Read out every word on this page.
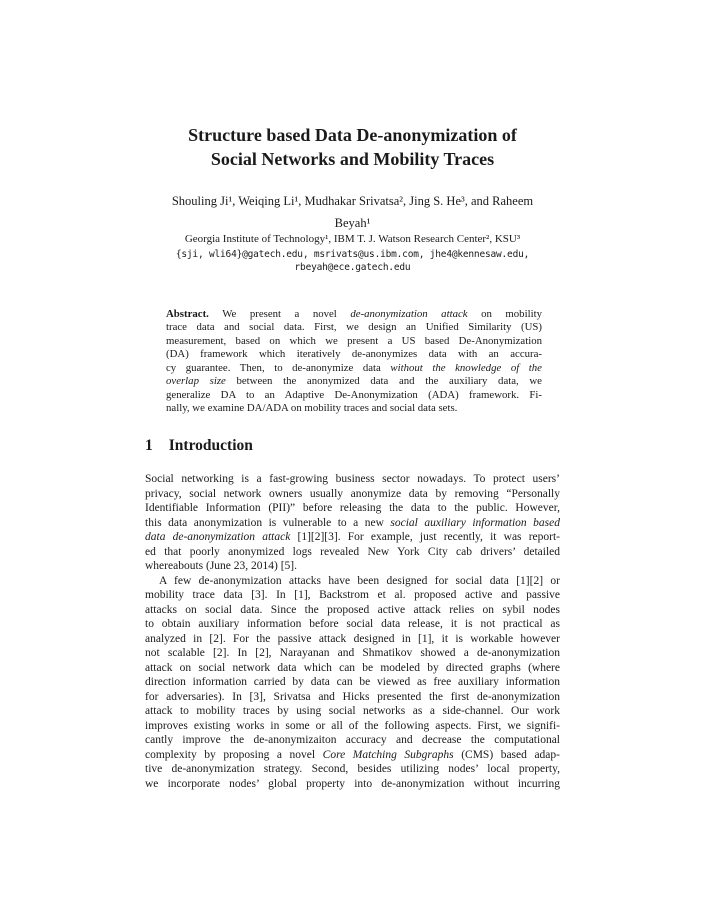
Structure based Data De-anonymization of
Social Networks and Mobility Traces
Shouling Ji¹, Weiqing Li¹, Mudhakar Srivatsa², Jing S. He³, and Raheem
Beyah¹
Georgia Institute of Technology¹, IBM T. J. Watson Research Center², KSU³
{sji, wli64}@gatech.edu, msrivats@us.ibm.com, jhe4@kennesaw.edu,
rbeyah@ece.gatech.edu
Abstract. We present a novel de-anonymization attack on mobility
trace data and social data. First, we design an Unified Similarity (US)
measurement, based on which we present a US based De-Anonymization
(DA) framework which iteratively de-anonymizes data with an accura-
cy guarantee. Then, to de-anonymize data without the knowledge of the
overlap size between the anonymized data and the auxiliary data, we
generalize DA to an Adaptive De-Anonymization (ADA) framework. Fi-
nally, we examine DA/ADA on mobility traces and social data sets.
1 Introduction
Social networking is a fast-growing business sector nowadays. To protect users’
privacy, social network owners usually anonymize data by removing “Personally
Identifiable Information (PII)” before releasing the data to the public. However,
this data anonymization is vulnerable to a new social auxiliary information based
data de-anonymization attack [1][2][3]. For example, just recently, it was report-
ed that poorly anonymized logs revealed New York City cab drivers’ detailed
whereabouts (June 23, 2014) [5].
A few de-anonymization attacks have been designed for social data [1][2] or
mobility trace data [3]. In [1], Backstrom et al. proposed active and passive
attacks on social data. Since the proposed active attack relies on sybil nodes
to obtain auxiliary information before social data release, it is not practical as
analyzed in [2]. For the passive attack designed in [1], it is workable however
not scalable [2]. In [2], Narayanan and Shmatikov showed a de-anonymization
attack on social network data which can be modeled by directed graphs (where
direction information carried by data can be viewed as free auxiliary information
for adversaries). In [3], Srivatsa and Hicks presented the first de-anonymization
attack to mobility traces by using social networks as a side-channel. Our work
improves existing works in some or all of the following aspects. First, we signifi-
cantly improve the de-anonymizaiton accuracy and decrease the computational
complexity by proposing a novel Core Matching Subgraphs (CMS) based adap-
tive de-anonymization strategy. Second, besides utilizing nodes’ local property,
we incorporate nodes’ global property into de-anonymization without incurring
